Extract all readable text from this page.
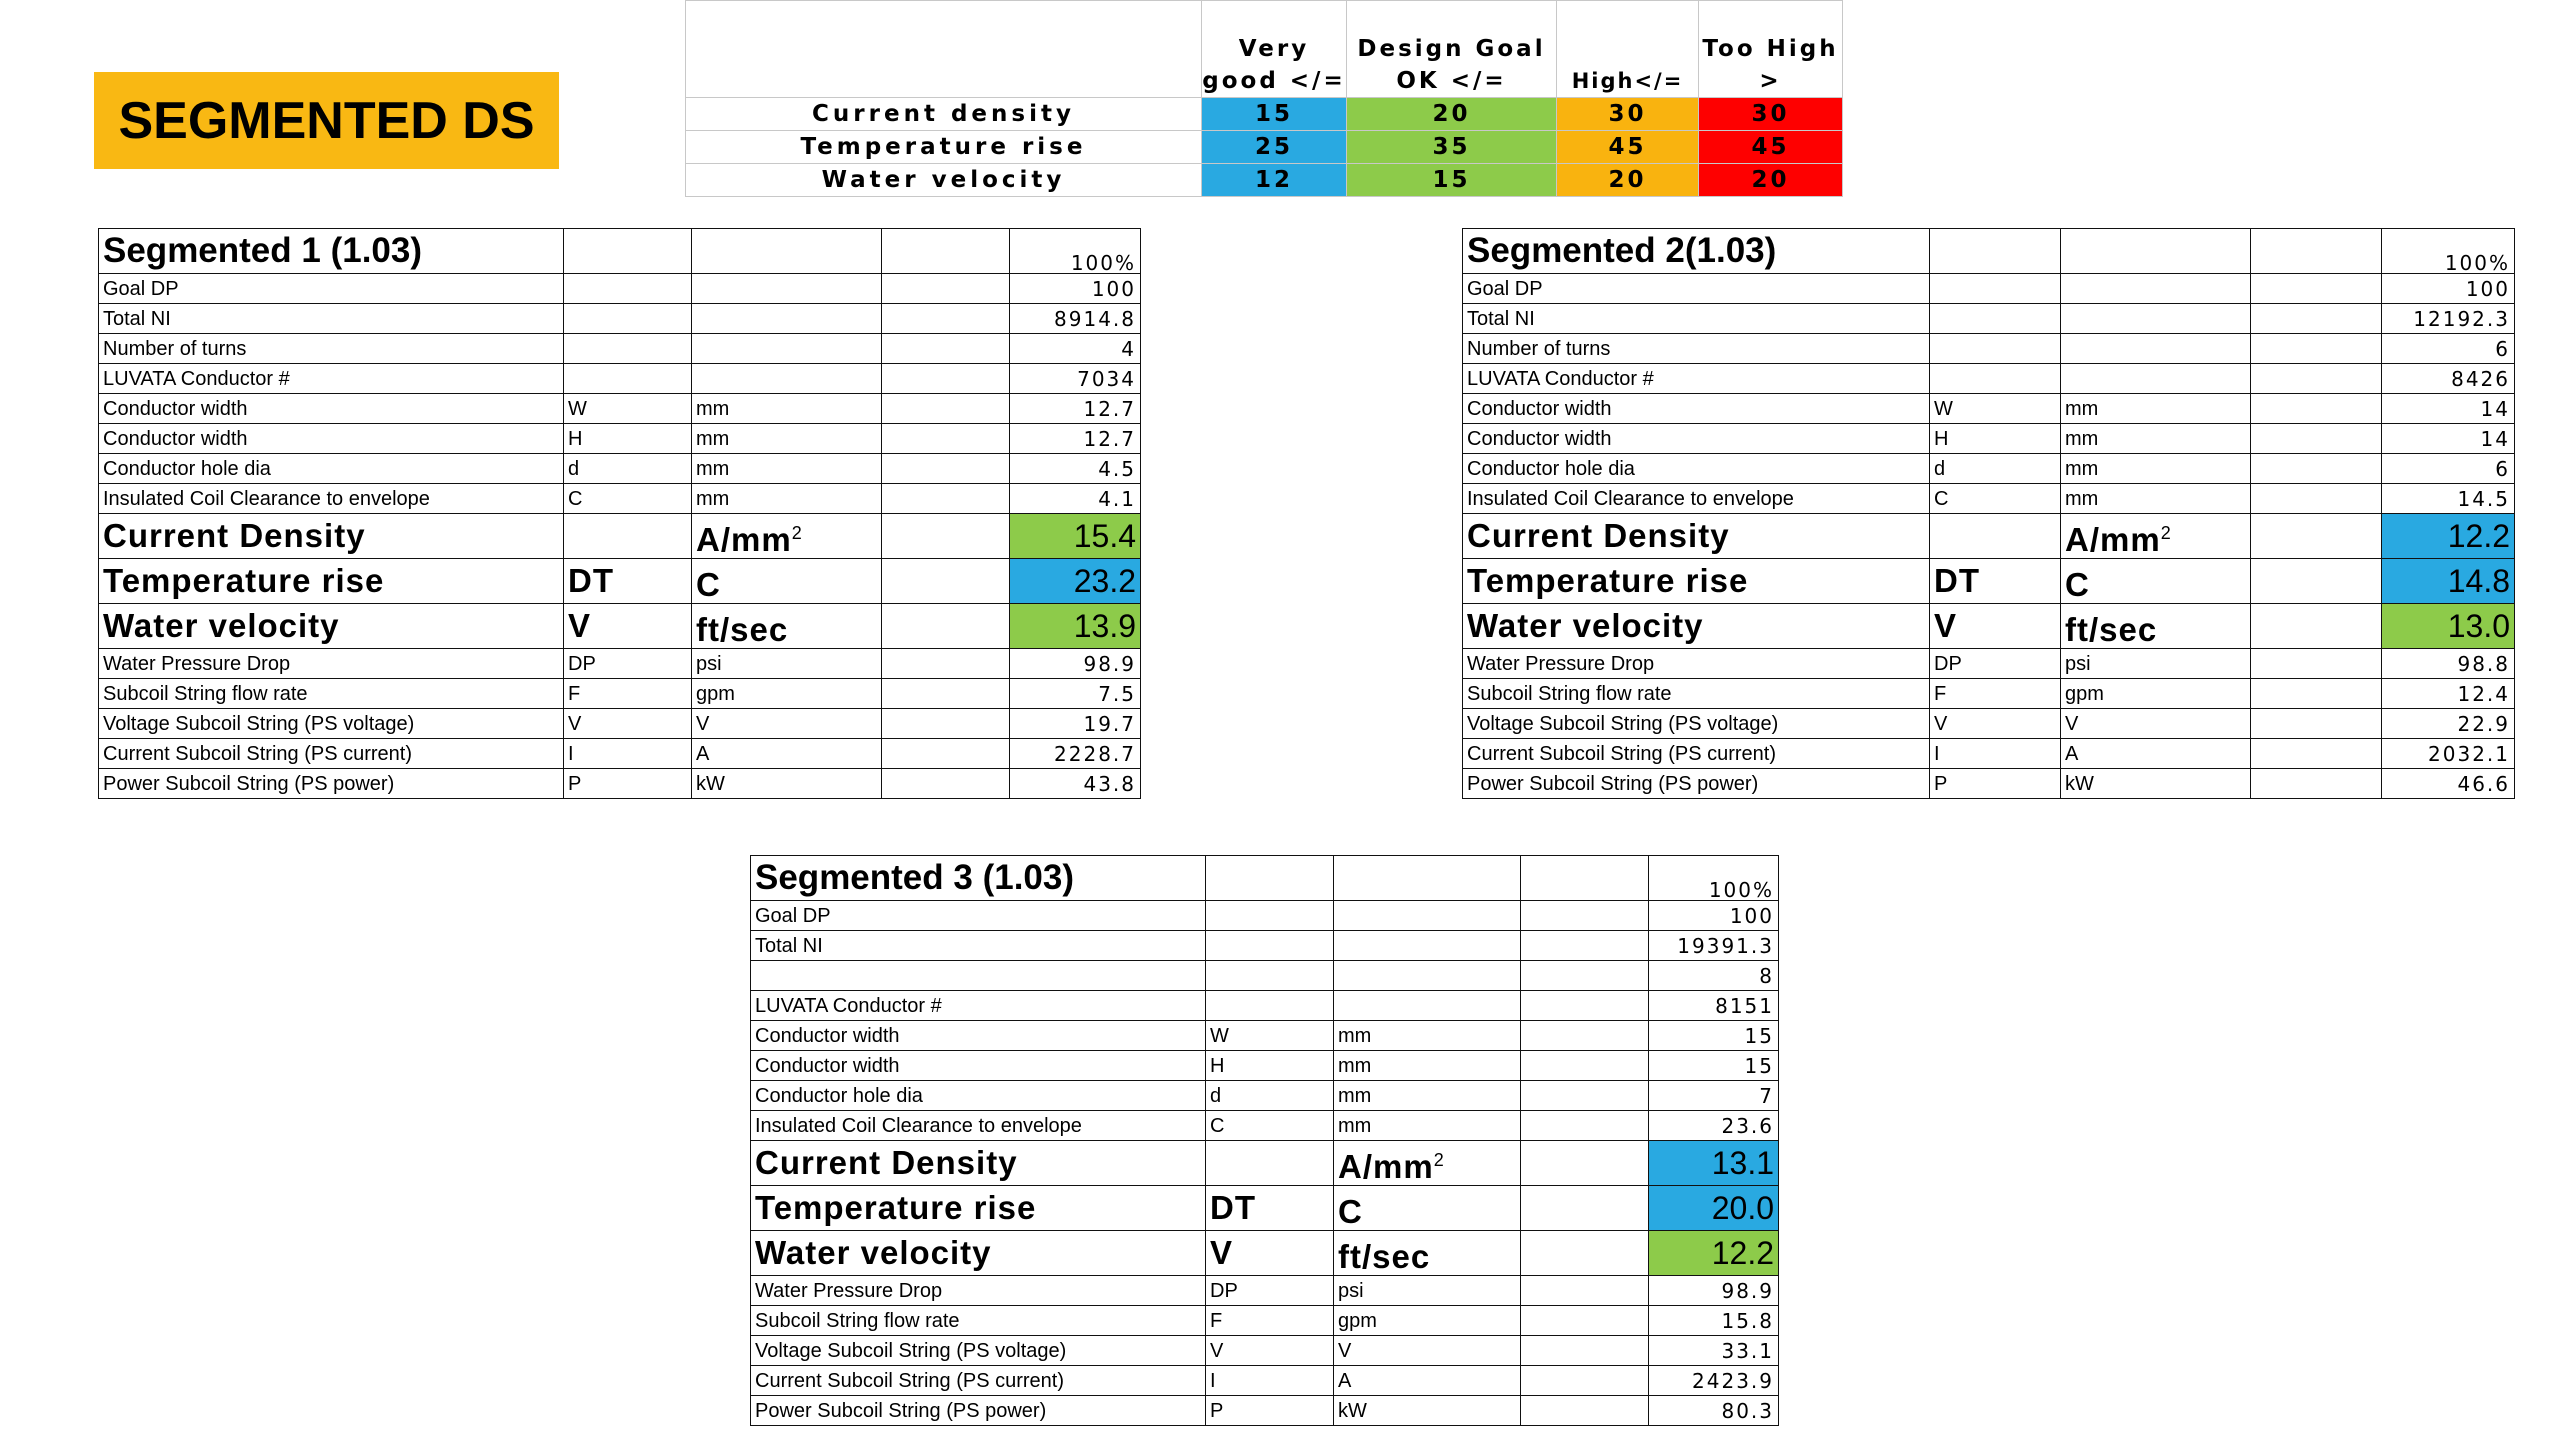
SEGMENTED DS
	Very good </=	Design Goal OK </=	High</=	Too High >
Current density	15	20	30	30
Temperature rise	25	35	45	45
Water velocity	12	15	20	20
Segmented 1 (1.03)				100%
Goal DP				100
Total NI				8914.8
Number of turns				4
LUVATA Conductor #				7034
Conductor width	W	mm		12.7
Conductor width	H	mm		12.7
Conductor hole dia	d	mm		4.5
Insulated Coil Clearance to envelope	C	mm		4.1
Current Density		$A/mm^2$		15.4
Temperature rise	DT	C		23.2
Water velocity	V	ft/sec		13.9
Water Pressure Drop	DP	psi		98.9
Subcoil String flow rate	F	gpm		7.5
Voltage Subcoil String (PS voltage)	V	V		19.7
Current Subcoil String (PS current)	I	A		2228.7
Power Subcoil String (PS power)	P	kW		43.8
Segmented 2(1.03)				100%
Goal DP				100
Total NI				12192.3
Number of turns				6
LUVATA Conductor #				8426
Conductor width	W	mm		14
Conductor width	H	mm		14
Conductor hole dia	d	mm		6
Insulated Coil Clearance to envelope	C	mm		14.5
Current Density		$A/mm^2$		12.2
Temperature rise	DT	C		14.8
Water velocity	V	ft/sec		13.0
Water Pressure Drop	DP	psi		98.8
Subcoil String flow rate	F	gpm		12.4
Voltage Subcoil String (PS voltage)	V	V		22.9
Current Subcoil String (PS current)	I	A		2032.1
Power Subcoil String (PS power)	P	kW		46.6
Segmented 3 (1.03)				100%
Goal DP				100
Total NI				19391.3
				8
LUVATA Conductor #				8151
Conductor width	W	mm		15
Conductor width	H	mm		15
Conductor hole dia	d	mm		7
Insulated Coil Clearance to envelope	C	mm		23.6
Current Density		$A/mm^2$		13.1
Temperature rise	DT	C		20.0
Water velocity	V	ft/sec		12.2
Water Pressure Drop	DP	psi		98.9
Subcoil String flow rate	F	gpm		15.8
Voltage Subcoil String (PS voltage)	V	V		33.1
Current Subcoil String (PS current)	I	A		2423.9
Power Subcoil String (PS power)	P	kW		80.3
